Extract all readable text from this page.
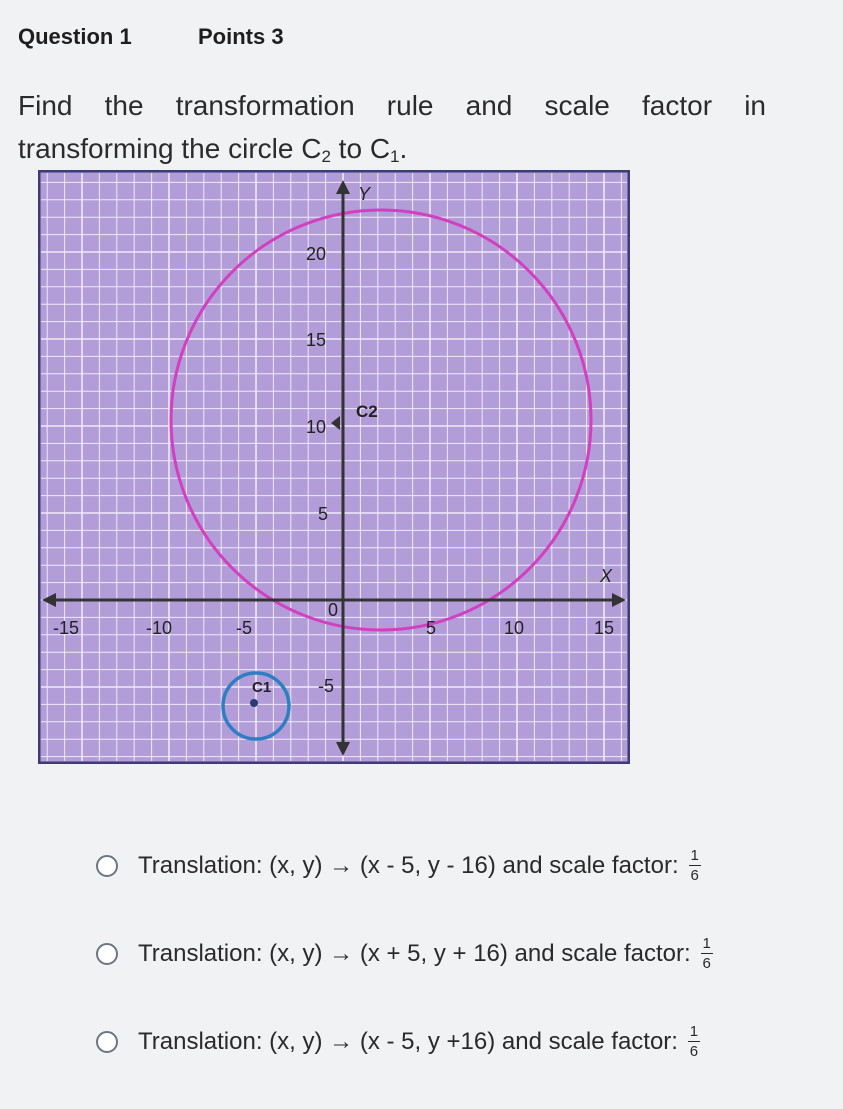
Question 1	Points 3
Find the transformation rule and scale factor in
transforming the circle $C_2$ to $C_1$.
Y
X
-15	-10	-5	5	10	15
20
15
10
5
0
-5
C2
C1
Translation: (x, y) → (x - 5, y - 16) and scale factor: $\frac{1}{6}$
Translation: (x, y) → (x + 5, y + 16) and scale factor: $\frac{1}{6}$
Translation: (x, y) → (x - 5, y +16) and scale factor: $\frac{1}{6}$
